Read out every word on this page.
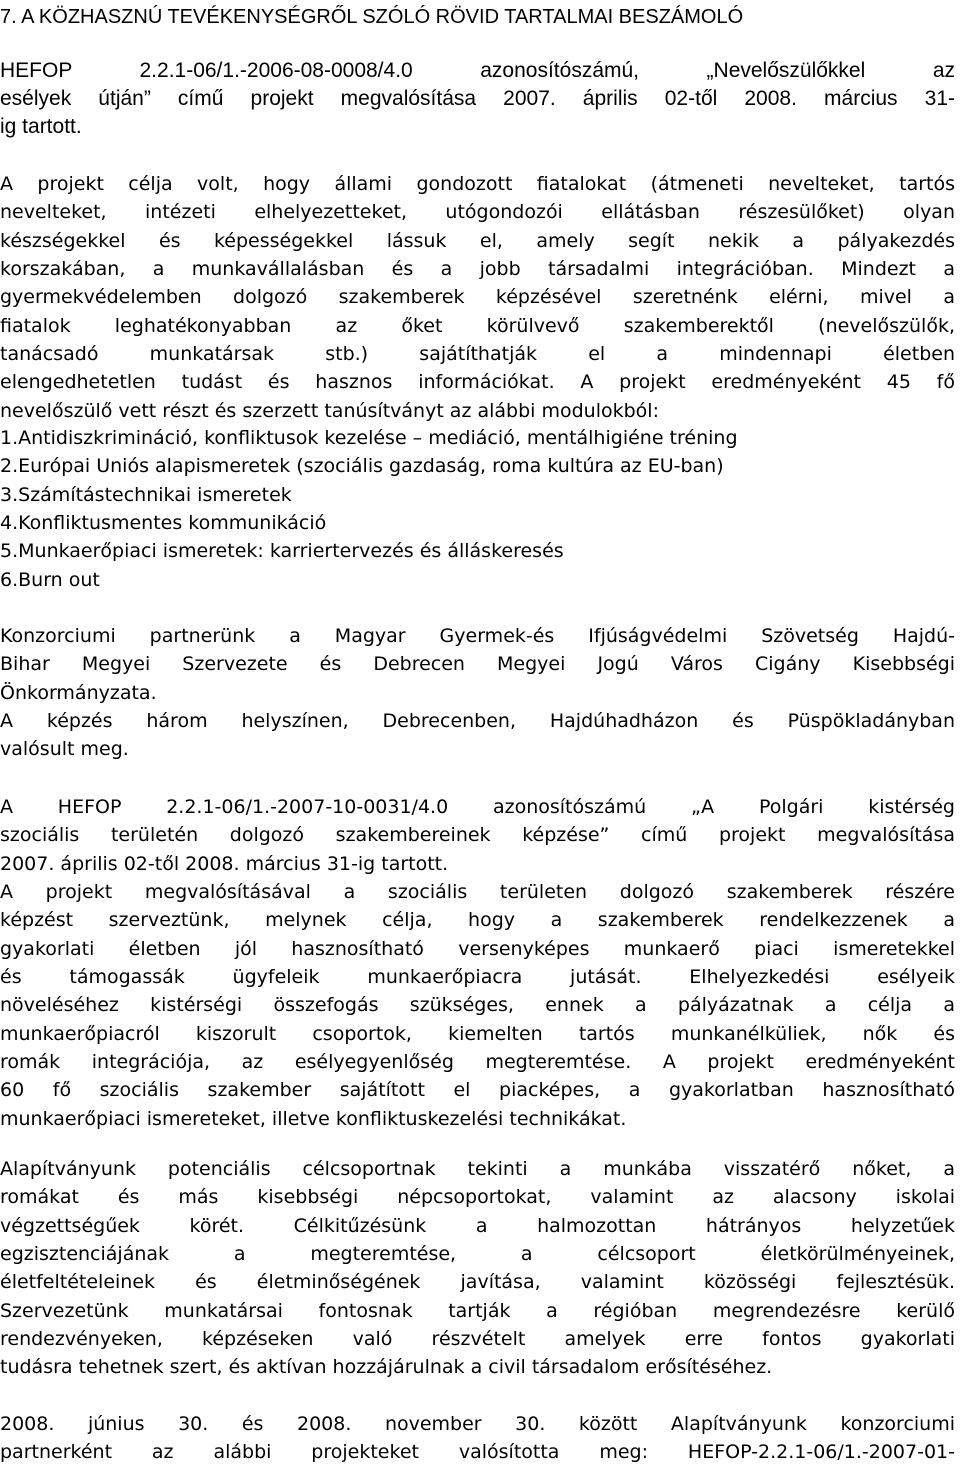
7. A KÖZHASZNÚ TEVÉKENYSÉGRŐL SZÓLÓ RÖVID TARTALMAI BESZÁMOLÓ
HEFOP 2.2.1-06/1.-2006-08-0008/4.0 azonosítószámú, „Nevelőszülőkkel az
esélyek útján” című projekt megvalósítása 2007. április 02-től 2008. március 31-
ig tartott.
A projekt célja volt, hogy állami gondozott fiatalokat (átmeneti nevelteket, tartós
nevelteket, intézeti elhelyezetteket, utógondozói ellátásban részesülőket) olyan
készségekkel és képességekkel lássuk el, amely segít nekik a pályakezdés
korszakában, a munkavállalásban és a jobb társadalmi integrációban. Mindezt a
gyermekvédelemben dolgozó szakemberek képzésével szeretnénk elérni, mivel a
fiatalok leghatékonyabban az őket körülvevő szakemberektől (nevelőszülők,
tanácsadó munkatársak stb.) sajátíthatják el a mindennapi életben
elengedhetetlen tudást és hasznos információkat. A projekt eredményeként 45 fő
nevelőszülő vett részt és szerzett tanúsítványt az alábbi modulokból:
1.Antidiszkrimináció, konfliktusok kezelése – mediáció, mentálhigiéne tréning
2.Európai Uniós alapismeretek (szociális gazdaság, roma kultúra az EU-ban)
3.Számítástechnikai ismeretek
4.Konfliktusmentes kommunikáció
5.Munkaerőpiaci ismeretek: karriertervezés és álláskeresés
6.Burn out
Konzorciumi partnerünk a Magyar Gyermek-és Ifjúságvédelmi Szövetség Hajdú-
Bihar Megyei Szervezete és Debrecen Megyei Jogú Város Cigány Kisebbségi
Önkormányzata.
A képzés három helyszínen, Debrecenben, Hajdúhadházon és Püspökladányban
valósult meg.
A HEFOP 2.2.1-06/1.-2007-10-0031/4.0 azonosítószámú „A Polgári kistérség
szociális területén dolgozó szakembereinek képzése” című projekt megvalósítása
2007. április 02-től 2008. március 31-ig tartott.
A projekt megvalósításával a szociális területen dolgozó szakemberek részére
képzést szerveztünk, melynek célja, hogy a szakemberek rendelkezzenek a
gyakorlati életben jól hasznosítható versenyképes munkaerő piaci ismeretekkel
és támogassák ügyfeleik munkaerőpiacra jutását. Elhelyezkedési esélyeik
növeléséhez kistérségi összefogás szükséges, ennek a pályázatnak a célja a
munkaerőpiacról kiszorult csoportok, kiemelten tartós munkanélküliek, nők és
romák integrációja, az esélyegyenlőség megteremtése. A projekt eredményeként
60 fő szociális szakember sajátított el piacképes, a gyakorlatban hasznosítható
munkaerőpiaci ismereteket, illetve konfliktuskezelési technikákat.
Alapítványunk potenciális célcsoportnak tekinti a munkába visszatérő nőket, a
romákat és más kisebbségi népcsoportokat, valamint az alacsony iskolai
végzettségűek körét. Célkitűzésünk a halmozottan hátrányos helyzetűek
egzisztenciájának a megteremtése, a célcsoport életkörülményeinek,
életfeltételeinek és életminőségének javítása, valamint közösségi fejlesztésük.
Szervezetünk munkatársai fontosnak tartják a régióban megrendezésre kerülő
rendezvényeken, képzéseken való részvételt amelyek erre fontos gyakorlati
tudásra tehetnek szert, és aktívan hozzájárulnak a civil társadalom erősítéséhez.
2008. június 30. és 2008. november 30. között Alapítványunk konzorciumi
partnerként az alábbi projekteket valósította meg: HEFOP-2.2.1-06/1.-2007-01-
